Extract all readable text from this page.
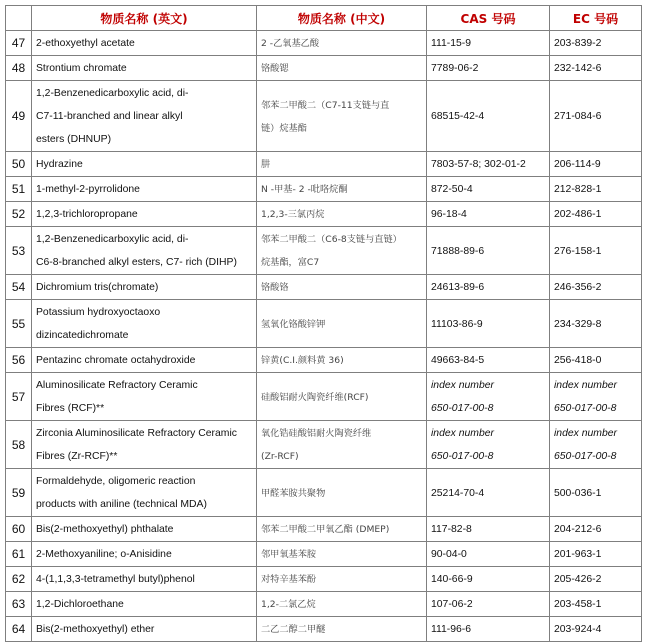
	物质名称 (英文)	物质名称 (中文)	CAS 号码	EC 号码
47	2-ethoxyethyl acetate	2 -乙氧基乙酸	111-15-9	203-839-2

48	Strontium chromate	铬酸锶	7789-06-2	232-142-6

49	1,2-Benzenedicarboxylic acid, di-
C7-11-branched and linear alkyl
esters (DHNUP)	邻苯二甲酸二（C7-11支链与直
链）烷基酯	68515-42-4	271-084-6

50	Hydrazine	肼	7803-57-8; 302-01-2	206-114-9

51	1-methyl-2-pyrrolidone	N -甲基- 2 -吡咯烷酮	872-50-4	212-828-1

52	1,2,3-trichloropropane	1,2,3-三氯丙烷	96-18-4	202-486-1

53	1,2-Benzenedicarboxylic acid, di-
C6-8-branched alkyl esters, C7- rich (DIHP)	邻苯二甲酸二（C6-8支链与直链）
烷基酯，富C7	71888-89-6	276-158-1

54	Dichromium tris(chromate)	铬酸铬	24613-89-6	246-356-2

55	Potassium hydroxyoctaoxo
dizincatedichromate	氢氧化铬酸锌钾	11103-86-9	234-329-8

56	Pentazinc chromate octahydroxide	锌黄(C.I.颜料黄 36)	49663-84-5	256-418-0

57	Aluminosilicate Refractory Ceramic
Fibres (RCF)**	硅酸铝耐火陶瓷纤维(RCF)	index number
650-017-00-8	index number
650-017-00-8

58	Zirconia Aluminosilicate Refractory Ceramic
Fibres (Zr-RCF)**	氧化锆硅酸铝耐火陶瓷纤维
(Zr-RCF)	index number
650-017-00-8	index number
650-017-00-8

59	Formaldehyde, oligomeric reaction
products with aniline (technical MDA)	甲醛苯胺共聚物	25214-70-4	500-036-1

60	Bis(2-methoxyethyl) phthalate	邻苯二甲酸二甲氧乙酯 (DMEP)	117-82-8	204-212-6

61	2-Methoxyaniline; o-Anisidine	邻甲氧基苯胺	90-04-0	201-963-1

62	4-(1,1,3,3-tetramethyl butyl)phenol	对特辛基苯酚	140-66-9	205-426-2

63	1,2-Dichloroethane	1,2-二氯乙烷	107-06-2	203-458-1

64	Bis(2-methoxyethyl) ether	二乙二醇二甲醚	111-96-6	203-924-4
